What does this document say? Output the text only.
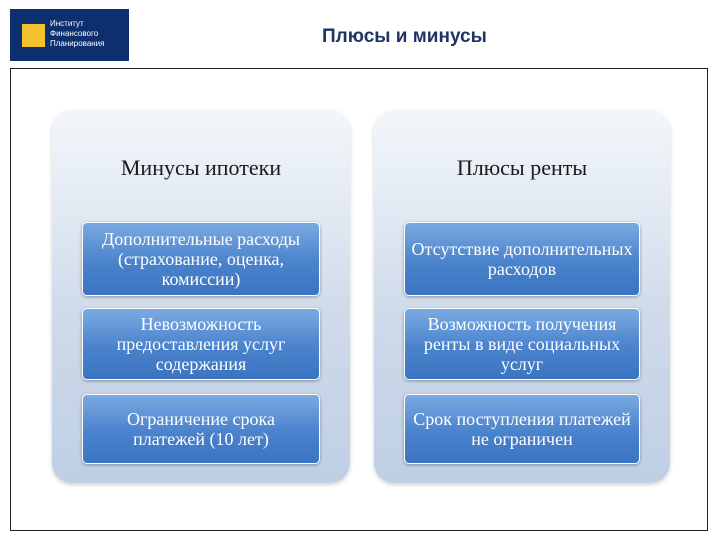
Институт
Финансового
Планирования	Плюсы и минусы
Минусы ипотеки
Дополнительные расходы (страхование, оценка, комиссии)
Невозможность предоставления услуг содержания
Ограничение срока платежей (10 лет)
Плюсы ренты
Отсутствие дополнительных расходов
Возможность получения ренты в виде социальных услуг
Срок поступления платежей не ограничен
